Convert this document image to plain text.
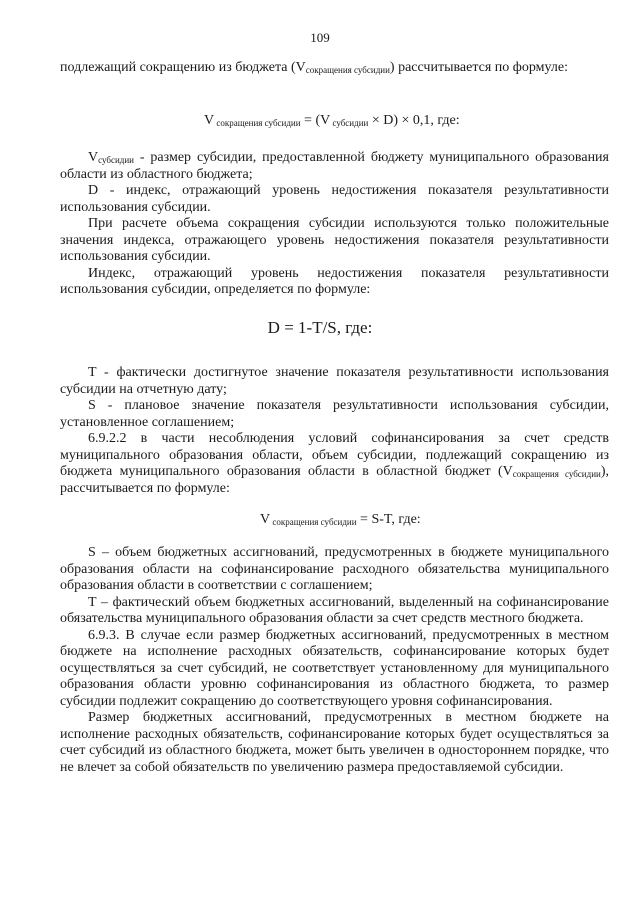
109

подлежащий сокращению из бюджета $(V_{сокращения субсидии})$ рассчитывается по формуле:

V $_{сокращения субсидии}$ = (V $_{субсидии}$ × D) × 0,1, где:

$V_{субсидии}$ - размер субсидии, предоставленной бюджету муниципального образования области из областного бюджета;

D - индекс, отражающий уровень недостижения показателя результативности использования субсидии.

При расчете объема сокращения субсидии используются только положительные значения индекса, отражающего уровень недостижения показателя результативности использования субсидии.

Индекс, отражающий уровень недостижения показателя результативности использования субсидии, определяется по формуле:

D = 1-T/S, где:

T - фактически достигнутое значение показателя результативности использования субсидии на отчетную дату;

S - плановое значение показателя результативности использования субсидии, установленное соглашением;

6.9.2.2 в части несоблюдения условий софинансирования за счет средств муниципального образования области, объем субсидии, подлежащий сокращению из бюджета муниципального образования области в областной бюджет $(V_{сокращения субсидии})$, рассчитывается по формуле:

V $_{сокращения субсидии}$ = S-T, где:

S – объем бюджетных ассигнований, предусмотренных в бюджете муниципального образования области на софинансирование расходного обязательства муниципального образования области в соответствии с соглашением;

T – фактический объем бюджетных ассигнований, выделенный на софинансирование обязательства муниципального образования области за счет средств местного бюджета.

6.9.3. В случае если размер бюджетных ассигнований, предусмотренных в местном бюджете на исполнение расходных обязательств, софинансирование которых будет осуществляться за счет субсидий, не соответствует установленному для муниципального образования области уровню софинансирования из областного бюджета, то размер субсидии подлежит сокращению до соответствующего уровня софинансирования.

Размер бюджетных ассигнований, предусмотренных в местном бюджете на исполнение расходных обязательств, софинансирование которых будет осуществляться за счет субсидий из областного бюджета, может быть увеличен в одностороннем порядке, что не влечет за собой обязательств по увеличению размера предоставляемой субсидии.
